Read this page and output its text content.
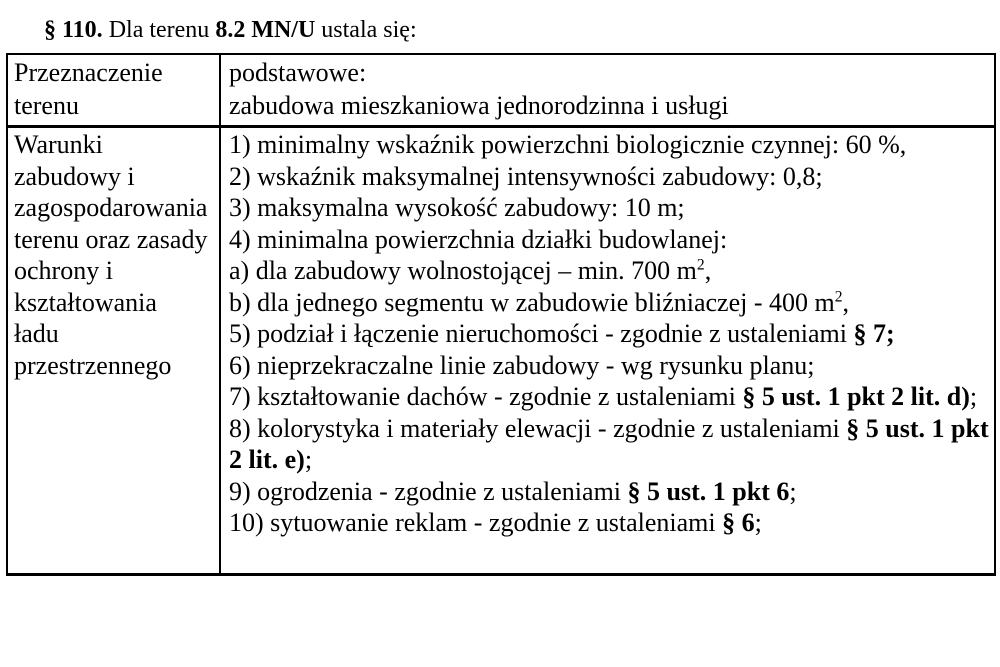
§ 110. Dla terenu 8.2 MN/U ustala się:
Przeznaczenie
terenu
podstawowe:
zabudowa mieszkaniowa jednorodzinna i usługi
Warunki
zabudowy i
zagospodarowania
terenu oraz zasady
ochrony i
kształtowania
ładu
przestrzennego
1) minimalny wskaźnik powierzchni biologicznie czynnej: 60 %,
2) wskaźnik maksymalnej intensywności zabudowy: 0,8;
3) maksymalna wysokość zabudowy: 10 m;
4) minimalna powierzchnia działki budowlanej:
a) dla zabudowy wolnostojącej – min. 700 $m^2$,
b) dla jednego segmentu w zabudowie bliźniaczej - 400 $m^2$,
5) podział i łączenie nieruchomości - zgodnie z ustaleniami § 7;
6) nieprzekraczalne linie zabudowy - wg rysunku planu;
7) kształtowanie dachów - zgodnie z ustaleniami § 5 ust. 1 pkt 2 lit. d);
8) kolorystyka i materiały elewacji - zgodnie z ustaleniami § 5 ust. 1 pkt 2 lit. e);
9) ogrodzenia - zgodnie z ustaleniami § 5 ust. 1 pkt 6;
10) sytuowanie reklam - zgodnie z ustaleniami § 6;
